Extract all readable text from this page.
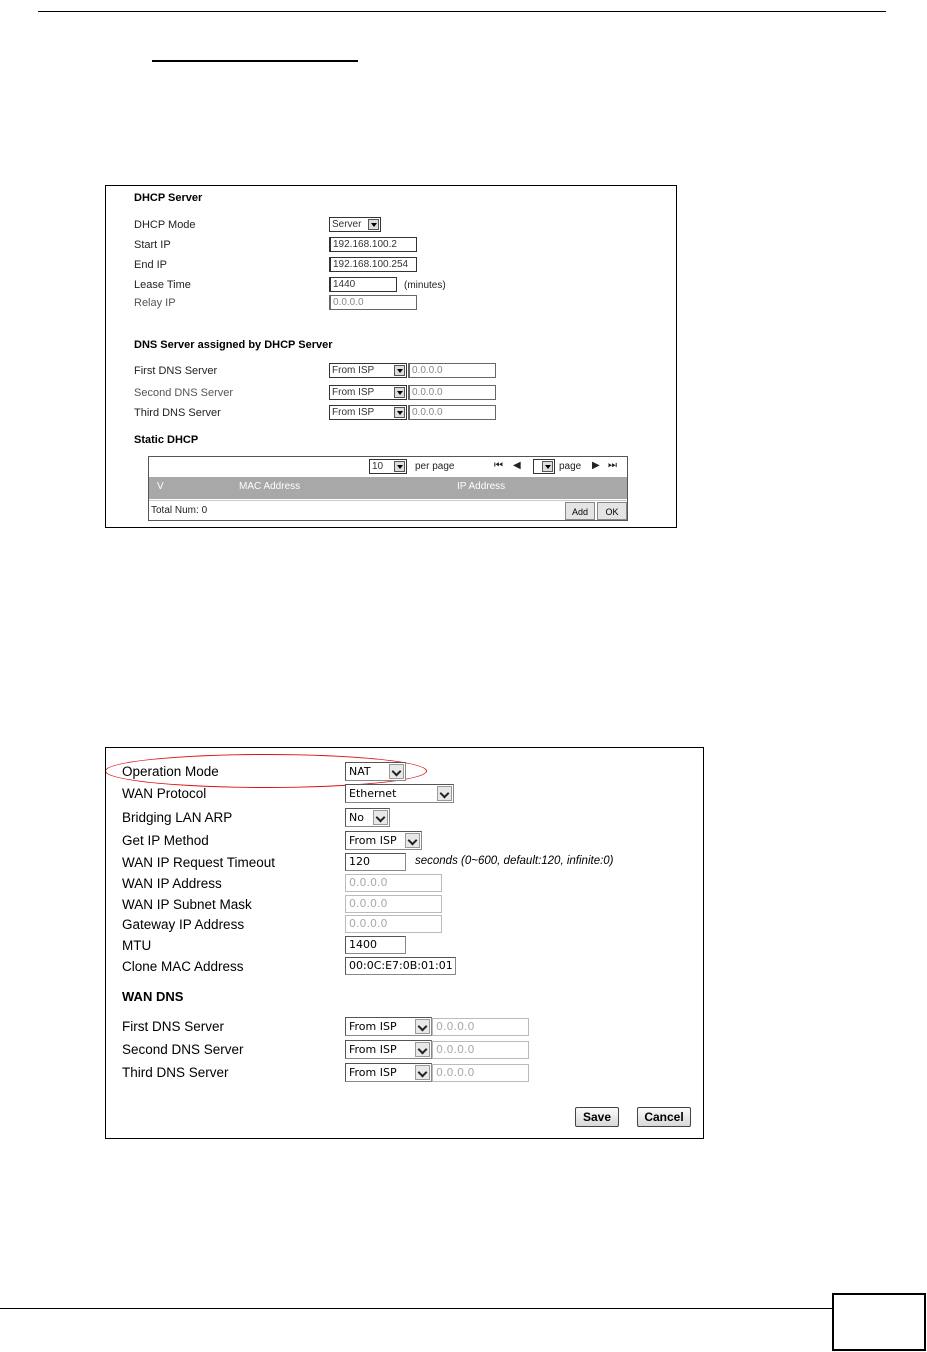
DHCP Server
DHCP Mode	Server
Start IP	192.168.100.2
End IP	192.168.100.254
Lease Time	1440	(minutes)
Relay IP	0.0.0.0
DNS Server assigned by DHCP Server
First DNS Server	From ISP	0.0.0.0
Second DNS Server	From ISP	0.0.0.0
Third DNS Server	From ISP	0.0.0.0
Static DHCP
10	per page	⏮ ◀	page ▶ ⏭
V	MAC Address	IP Address
Total Num: 0	Add	OK
Operation Mode	NAT
WAN Protocol	Ethernet
Bridging LAN ARP	No
Get IP Method	From ISP
WAN IP Request Timeout	120	seconds (0~600, default:120, infinite:0)
WAN IP Address	0.0.0.0
WAN IP Subnet Mask	0.0.0.0
Gateway IP Address	0.0.0.0
MTU	1400
Clone MAC Address	00:0C:E7:0B:01:01
WAN DNS
First DNS Server	From ISP	0.0.0.0
Second DNS Server	From ISP	0.0.0.0
Third DNS Server	From ISP	0.0.0.0
Save	Cancel
